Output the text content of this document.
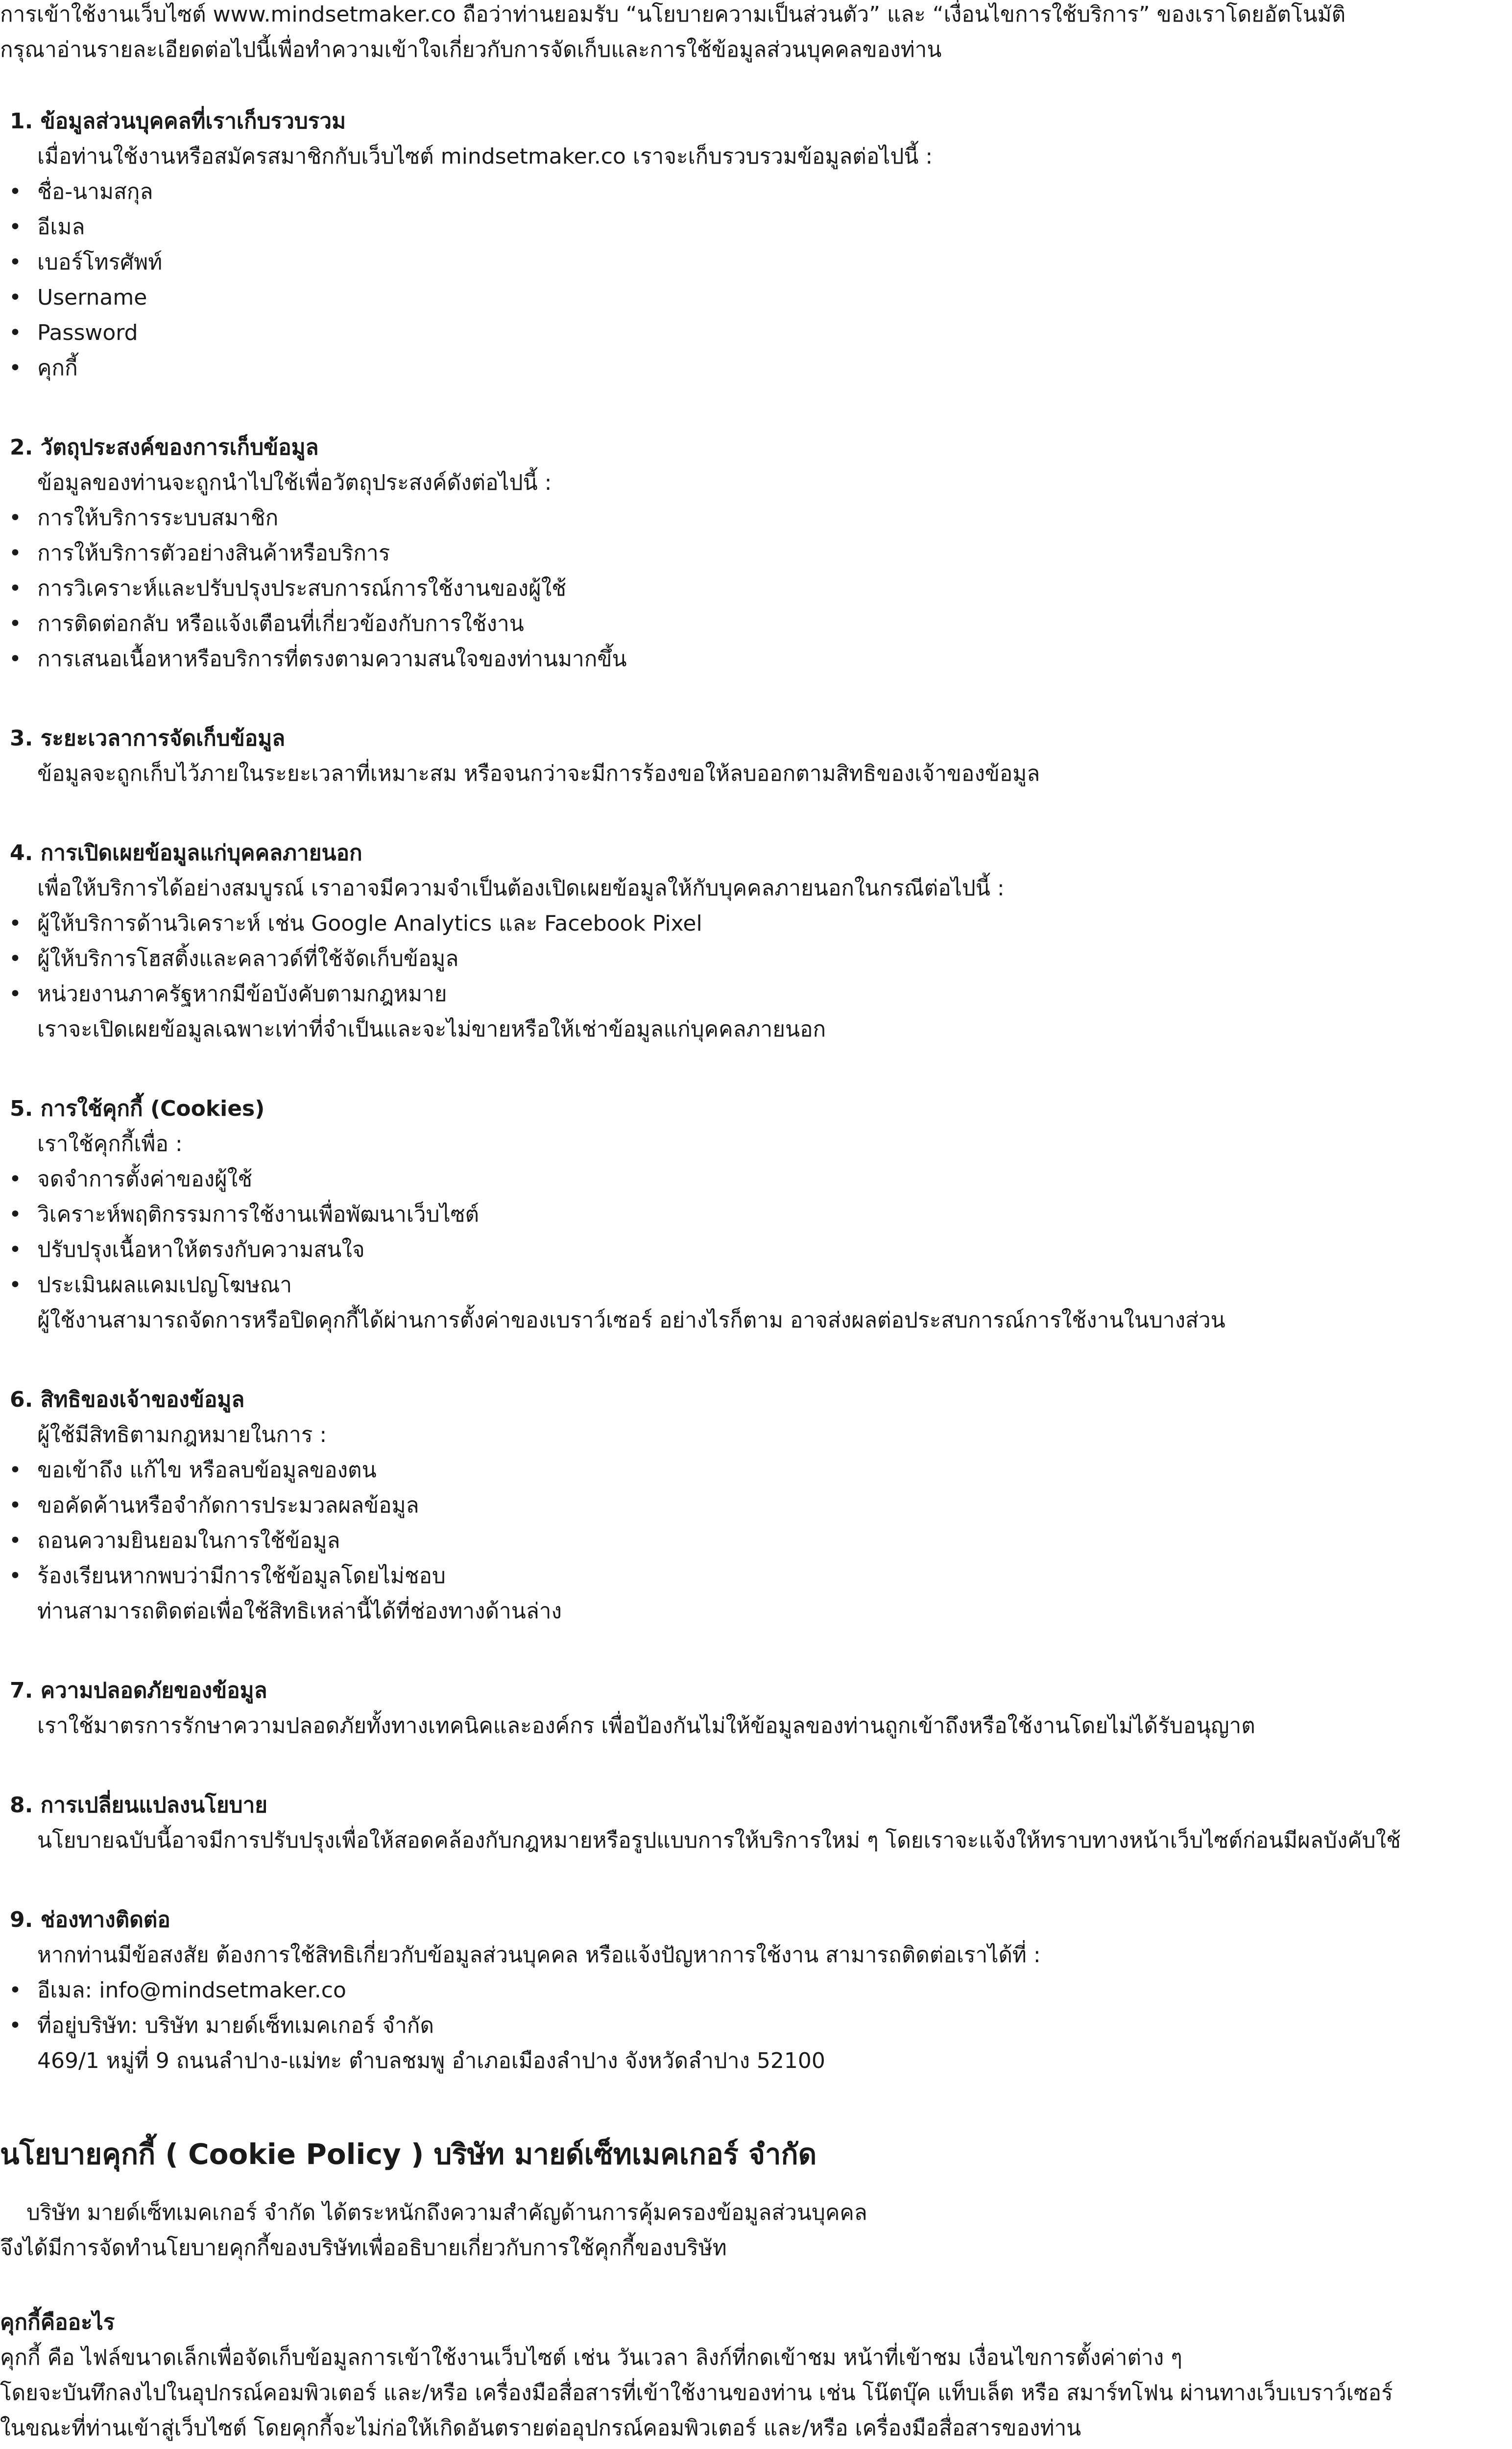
การเข้าใช้งานเว็บไซต์ www.mindsetmaker.co ถือว่าท่านยอมรับ “นโยบายความเป็นส่วนตัว” และ “เงื่อนไขการใช้บริการ” ของเราโดยอัตโนมัติ
กรุณาอ่านรายละเอียดต่อไปนี้เพื่อทำความเข้าใจเกี่ยวกับการจัดเก็บและการใช้ข้อมูลส่วนบุคคลของท่าน
1. ข้อมูลส่วนบุคคลที่เราเก็บรวบรวม
เมื่อท่านใช้งานหรือสมัครสมาชิกกับเว็บไซต์ mindsetmaker.co เราจะเก็บรวบรวมข้อมูลต่อไปนี้ :
• ชื่อ-นามสกุล
• อีเมล
• เบอร์โทรศัพท์
• Username
• Password
• คุกกี้
2. วัตถุประสงค์ของการเก็บข้อมูล
ข้อมูลของท่านจะถูกนำไปใช้เพื่อวัตถุประสงค์ดังต่อไปนี้ :
• การให้บริการระบบสมาชิก
• การให้บริการตัวอย่างสินค้าหรือบริการ
• การวิเคราะห์และปรับปรุงประสบการณ์การใช้งานของผู้ใช้
• การติดต่อกลับ หรือแจ้งเตือนที่เกี่ยวข้องกับการใช้งาน
• การเสนอเนื้อหาหรือบริการที่ตรงตามความสนใจของท่านมากขึ้น
3. ระยะเวลาการจัดเก็บข้อมูล
ข้อมูลจะถูกเก็บไว้ภายในระยะเวลาที่เหมาะสม หรือจนกว่าจะมีการร้องขอให้ลบออกตามสิทธิของเจ้าของข้อมูล
4. การเปิดเผยข้อมูลแก่บุคคลภายนอก
เพื่อให้บริการได้อย่างสมบูรณ์ เราอาจมีความจำเป็นต้องเปิดเผยข้อมูลให้กับบุคคลภายนอกในกรณีต่อไปนี้ :
• ผู้ให้บริการด้านวิเคราะห์ เช่น Google Analytics และ Facebook Pixel
• ผู้ให้บริการโฮสติ้งและคลาวด์ที่ใช้จัดเก็บข้อมูล
• หน่วยงานภาครัฐหากมีข้อบังคับตามกฎหมาย
เราจะเปิดเผยข้อมูลเฉพาะเท่าที่จำเป็นและจะไม่ขายหรือให้เช่าข้อมูลแก่บุคคลภายนอก
5. การใช้คุกกี้ (Cookies)
เราใช้คุกกี้เพื่อ :
• จดจำการตั้งค่าของผู้ใช้
• วิเคราะห์พฤติกรรมการใช้งานเพื่อพัฒนาเว็บไซต์
• ปรับปรุงเนื้อหาให้ตรงกับความสนใจ
• ประเมินผลแคมเปญโฆษณา
ผู้ใช้งานสามารถจัดการหรือปิดคุกกี้ได้ผ่านการตั้งค่าของเบราว์เซอร์ อย่างไรก็ตาม อาจส่งผลต่อประสบการณ์การใช้งานในบางส่วน
6. สิทธิของเจ้าของข้อมูล
ผู้ใช้มีสิทธิตามกฎหมายในการ :
• ขอเข้าถึง แก้ไข หรือลบข้อมูลของตน
• ขอคัดค้านหรือจำกัดการประมวลผลข้อมูล
• ถอนความยินยอมในการใช้ข้อมูล
• ร้องเรียนหากพบว่ามีการใช้ข้อมูลโดยไม่ชอบ
ท่านสามารถติดต่อเพื่อใช้สิทธิเหล่านี้ได้ที่ช่องทางด้านล่าง
7. ความปลอดภัยของข้อมูล
เราใช้มาตรการรักษาความปลอดภัยทั้งทางเทคนิคและองค์กร เพื่อป้องกันไม่ให้ข้อมูลของท่านถูกเข้าถึงหรือใช้งานโดยไม่ได้รับอนุญาต
8. การเปลี่ยนแปลงนโยบาย
นโยบายฉบับนี้อาจมีการปรับปรุงเพื่อให้สอดคล้องกับกฎหมายหรือรูปแบบการให้บริการใหม่ ๆ โดยเราจะแจ้งให้ทราบทางหน้าเว็บไซต์ก่อนมีผลบังคับใช้
9. ช่องทางติดต่อ
หากท่านมีข้อสงสัย ต้องการใช้สิทธิเกี่ยวกับข้อมูลส่วนบุคคล หรือแจ้งปัญหาการใช้งาน สามารถติดต่อเราได้ที่ :
• อีเมล: info@mindsetmaker.co
• ที่อยู่บริษัท: บริษัท มายด์เซ็ทเมคเกอร์ จำกัด
469/1 หมู่ที่ 9 ถนนลำปาง-แม่ทะ ตำบลชมพู อำเภอเมืองลำปาง จังหวัดลำปาง 52100
นโยบายคุกกี้ ( Cookie Policy ) บริษัท มายด์เซ็ทเมคเกอร์ จำกัด
บริษัท มายด์เซ็ทเมคเกอร์ จำกัด ได้ตระหนักถึงความสำคัญด้านการคุ้มครองข้อมูลส่วนบุคคล
จึงได้มีการจัดทำนโยบายคุกกี้ของบริษัทเพื่ออธิบายเกี่ยวกับการใช้คุกกี้ของบริษัท
คุกกี้คืออะไร
คุกกี้ คือ ไฟล์ขนาดเล็กเพื่อจัดเก็บข้อมูลการเข้าใช้งานเว็บไซต์ เช่น วันเวลา ลิงก์ที่กดเข้าชม หน้าที่เข้าชม เงื่อนไขการตั้งค่าต่าง ๆ
โดยจะบันทึกลงไปในอุปกรณ์คอมพิวเตอร์ และ/หรือ เครื่องมือสื่อสารที่เข้าใช้งานของท่าน เช่น โน๊ตบุ๊ค แท็บเล็ต หรือ สมาร์ทโฟน ผ่านทางเว็บเบราว์เซอร์
ในขณะที่ท่านเข้าสู่เว็บไซต์ โดยคุกกี้จะไม่ก่อให้เกิดอันตรายต่ออุปกรณ์คอมพิวเตอร์ และ/หรือ เครื่องมือสื่อสารของท่าน
